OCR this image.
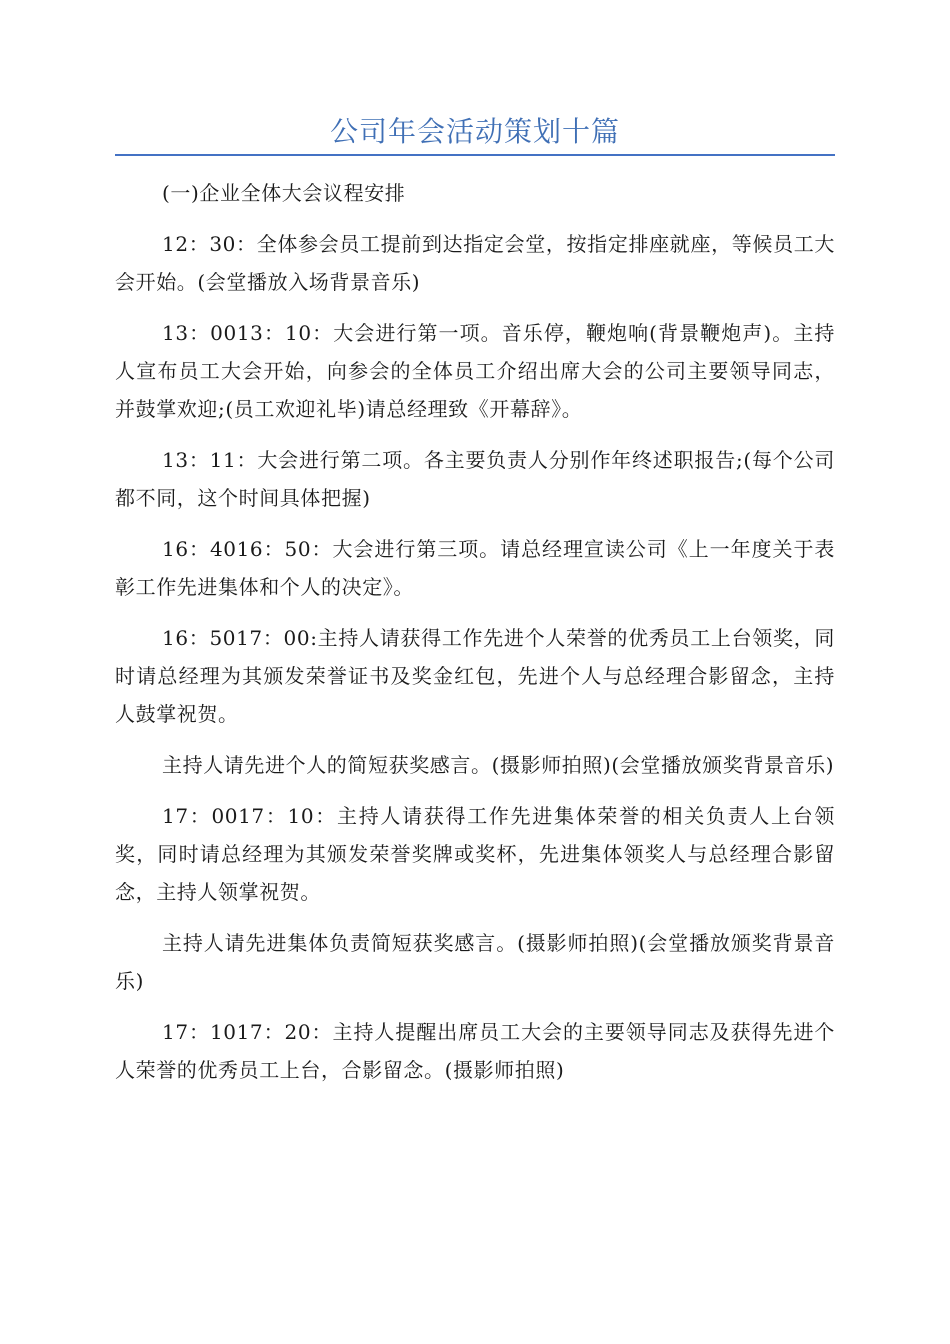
公司年会活动策划十篇

(一)企业全体大会议程安排

12：30：全体参会员工提前到达指定会堂，按指定排座就座，等候员工大会开始。(会堂播放入场背景音乐)

13：0013：10：大会进行第一项。音乐停，鞭炮响(背景鞭炮声)。主持人宣布员工大会开始，向参会的全体员工介绍出席大会的公司主要领导同志，并鼓掌欢迎;(员工欢迎礼毕)请总经理致《开幕辞》。

13：11：大会进行第二项。各主要负责人分别作年终述职报告;(每个公司都不同，这个时间具体把握)

16：4016：50：大会进行第三项。请总经理宣读公司《上一年度关于表彰工作先进集体和个人的决定》。

16：5017：00:主持人请获得工作先进个人荣誉的优秀员工上台领奖，同时请总经理为其颁发荣誉证书及奖金红包，先进个人与总经理合影留念，主持人鼓掌祝贺。

主持人请先进个人的简短获奖感言。(摄影师拍照)(会堂播放颁奖背景音乐)

17：0017：10：主持人请获得工作先进集体荣誉的相关负责人上台领奖，同时请总经理为其颁发荣誉奖牌或奖杯，先进集体领奖人与总经理合影留念，主持人领掌祝贺。

主持人请先进集体负责简短获奖感言。(摄影师拍照)(会堂播放颁奖背景音乐)

17：1017：20：主持人提醒出席员工大会的主要领导同志及获得先进个人荣誉的优秀员工上台，合影留念。(摄影师拍照)
